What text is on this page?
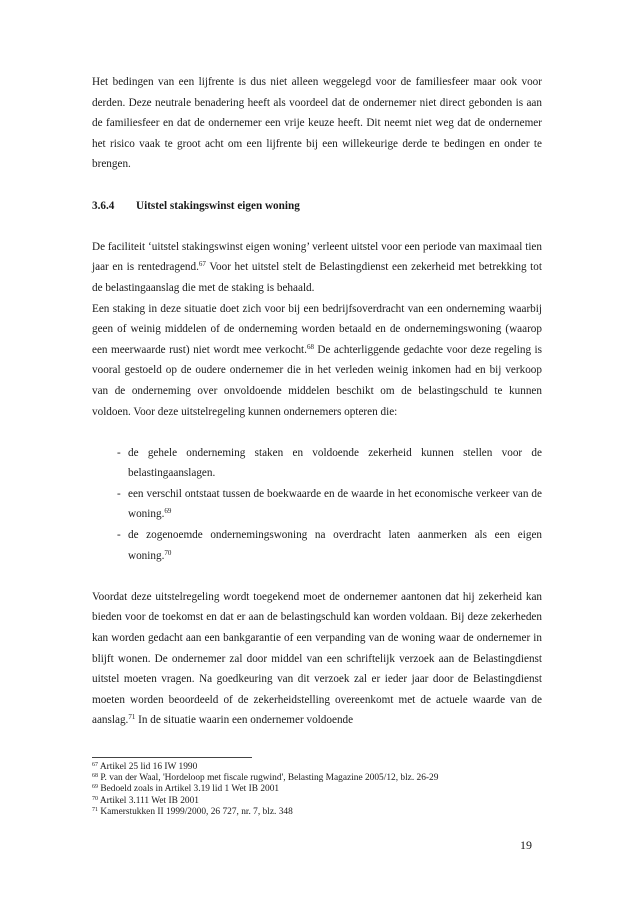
Het bedingen van een lijfrente is dus niet alleen weggelegd voor de familiesfeer maar ook voor derden. Deze neutrale benadering heeft als voordeel dat de ondernemer niet direct gebonden is aan de familiesfeer en dat de ondernemer een vrije keuze heeft. Dit neemt niet weg dat de ondernemer het risico vaak te groot acht om een lijfrente bij een willekeurige derde te bedingen en onder te brengen.

3.6.4	Uitstel stakingswinst eigen woning

De faciliteit ‘uitstel stakingswinst eigen woning’ verleent uitstel voor een periode van maximaal tien jaar en is rentedragend.$^{67}$ Voor het uitstel stelt de Belastingdienst een zekerheid met betrekking tot de belastingaanslag die met de staking is behaald.

Een staking in deze situatie doet zich voor bij een bedrijfsoverdracht van een onderneming waarbij geen of weinig middelen of de onderneming worden betaald en de ondernemingswoning (waarop een meerwaarde rust) niet wordt mee verkocht.$^{68}$ De achterliggende gedachte voor deze regeling is vooral gestoeld op de oudere ondernemer die in het verleden weinig inkomen had en bij verkoop van de onderneming over onvoldoende middelen beschikt om de belastingschuld te kunnen voldoen. Voor deze uitstelregeling kunnen ondernemers opteren die:

- de gehele onderneming staken en voldoende zekerheid kunnen stellen voor de belastingaanslagen.
- een verschil ontstaat tussen de boekwaarde en de waarde in het economische verkeer van de woning.$^{69}$
- de zogenoemde ondernemingswoning na overdracht laten aanmerken als een eigen woning.$^{70}$

Voordat deze uitstelregeling wordt toegekend moet de ondernemer aantonen dat hij zekerheid kan bieden voor de toekomst en dat er aan de belastingschuld kan worden voldaan. Bij deze zekerheden kan worden gedacht aan een bankgarantie of een verpanding van de woning waar de ondernemer in blijft wonen. De ondernemer zal door middel van een schriftelijk verzoek aan de Belastingdienst uitstel moeten vragen. Na goedkeuring van dit verzoek zal er ieder jaar door de Belastingdienst moeten worden beoordeeld of de zekerheidstelling overeenkomt met de actuele waarde van de aanslag.$^{71}$ In de situatie waarin een ondernemer voldoende

$^{67}$ Artikel 25 lid 16 IW 1990
$^{68}$ P. van der Waal, 'Hordeloop met fiscale rugwind', Belasting Magazine 2005/12, blz. 26-29
$^{69}$ Bedoeld zoals in Artikel 3.19 lid 1 Wet IB 2001
$^{70}$ Artikel 3.111 Wet IB 2001
$^{71}$ Kamerstukken II 1999/2000, 26 727, nr. 7, blz. 348
19
